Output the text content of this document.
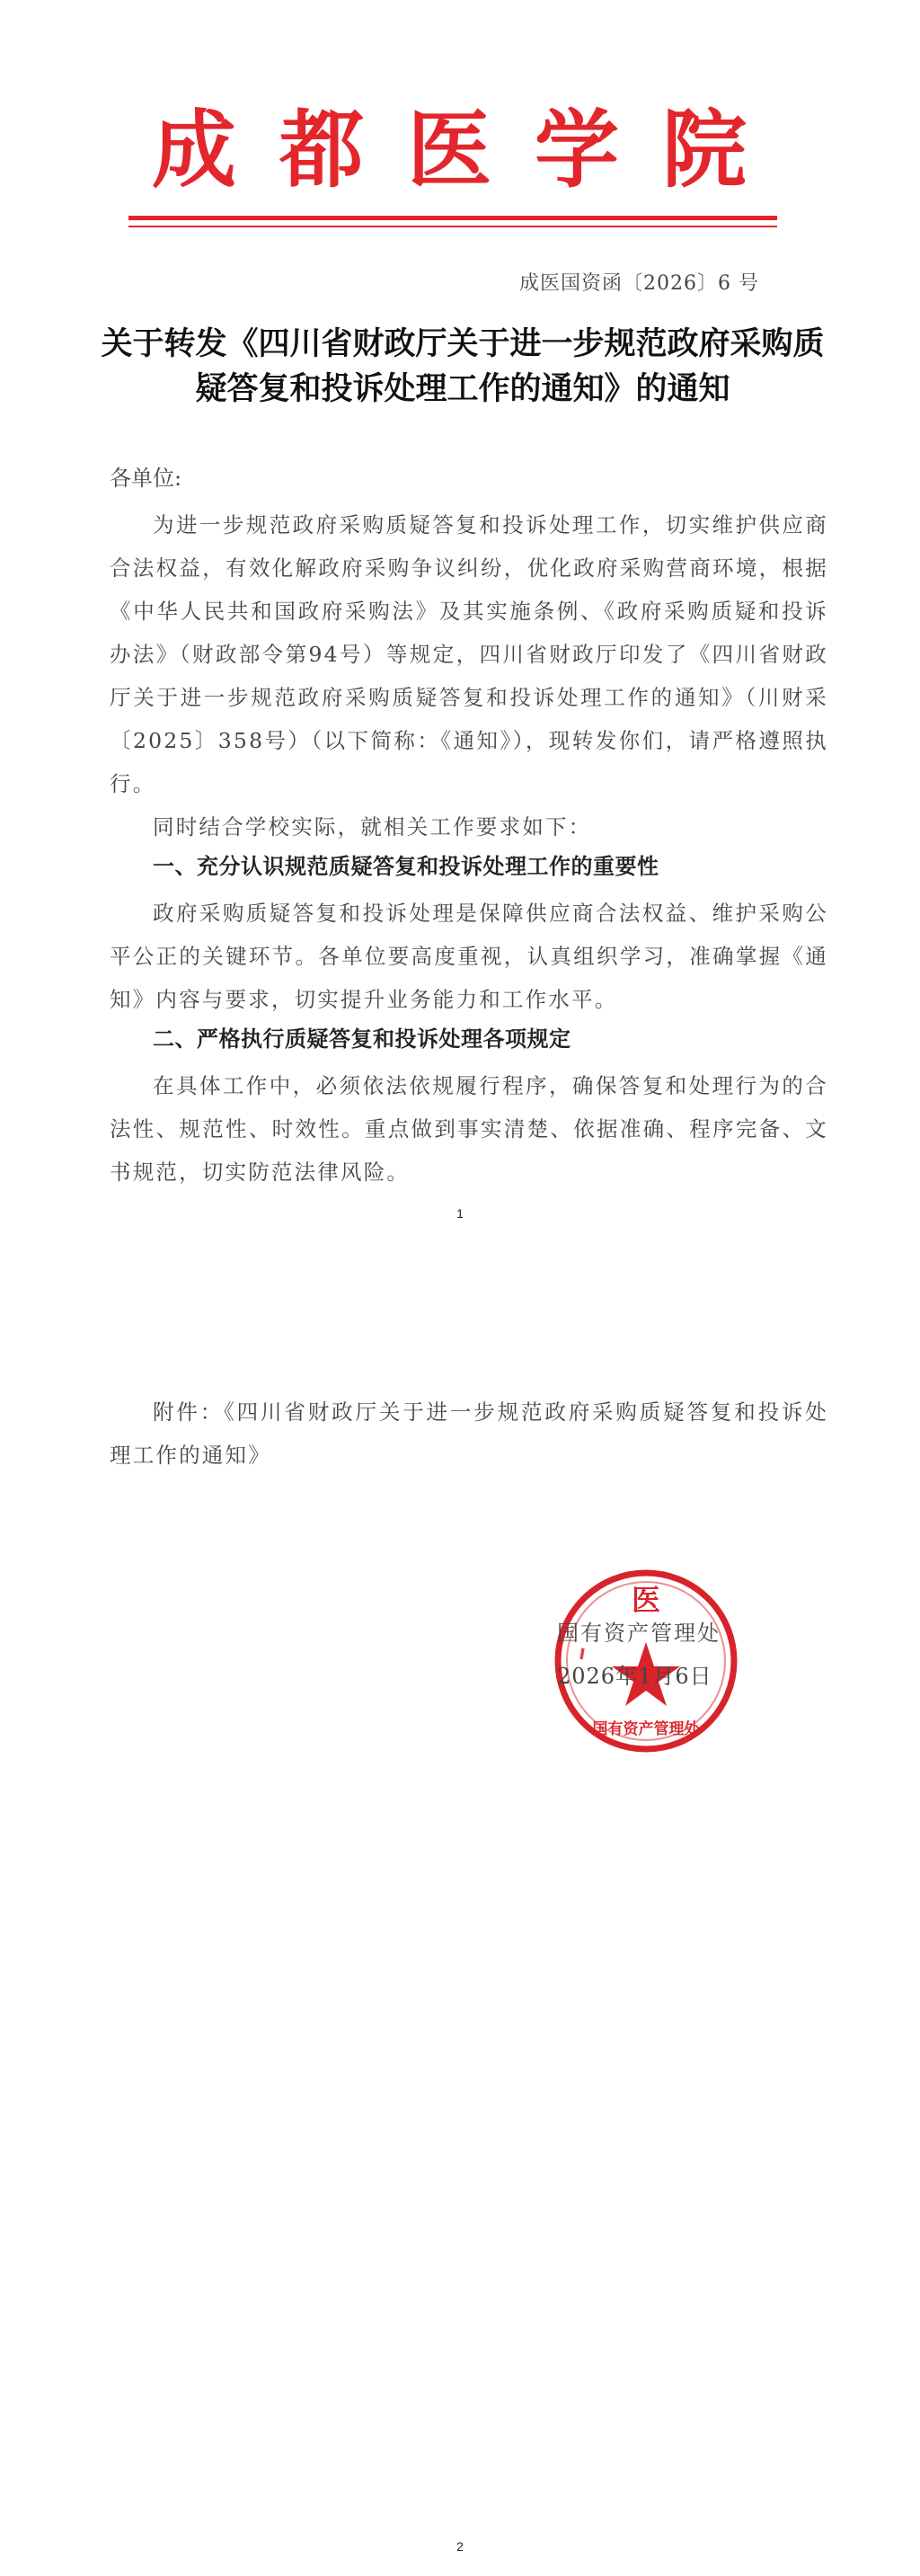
成都医学院
成医国资函〔2026〕6 号
关于转发《四川省财政厅关于进一步规范政府采购质疑答复和投诉处理工作的通知》的通知
各单位:

为进一步规范政府采购质疑答复和投诉处理工作，切实维护供应商合法权益，有效化解政府采购争议纠纷，优化政府采购营商环境，根据《中华人民共和国政府采购法》及其实施条例、《政府采购质疑和投诉办法》（财政部令第94号）等规定，四川省财政厅印发了《四川省财政厅关于进一步规范政府采购质疑答复和投诉处理工作的通知》（川财采〔2025〕358号）（以下简称：《通知》），现转发你们，请严格遵照执行。

同时结合学校实际，就相关工作要求如下：

一、充分认识规范质疑答复和投诉处理工作的重要性

政府采购质疑答复和投诉处理是保障供应商合法权益、维护采购公平公正的关键环节。各单位要高度重视，认真组织学习，准确掌握《通知》内容与要求，切实提升业务能力和工作水平。

二、严格执行质疑答复和投诉处理各项规定

在具体工作中，必须依法依规履行程序，确保答复和处理行为的合法性、规范性、时效性。重点做到事实清楚、依据准确、程序完备、文书规范，切实防范法律风险。

1

附件：《四川省财政厅关于进一步规范政府采购质疑答复和投诉处理工作的通知》

医
国有资产管理处
━
国有资产管理处
2026年1月6日
2
